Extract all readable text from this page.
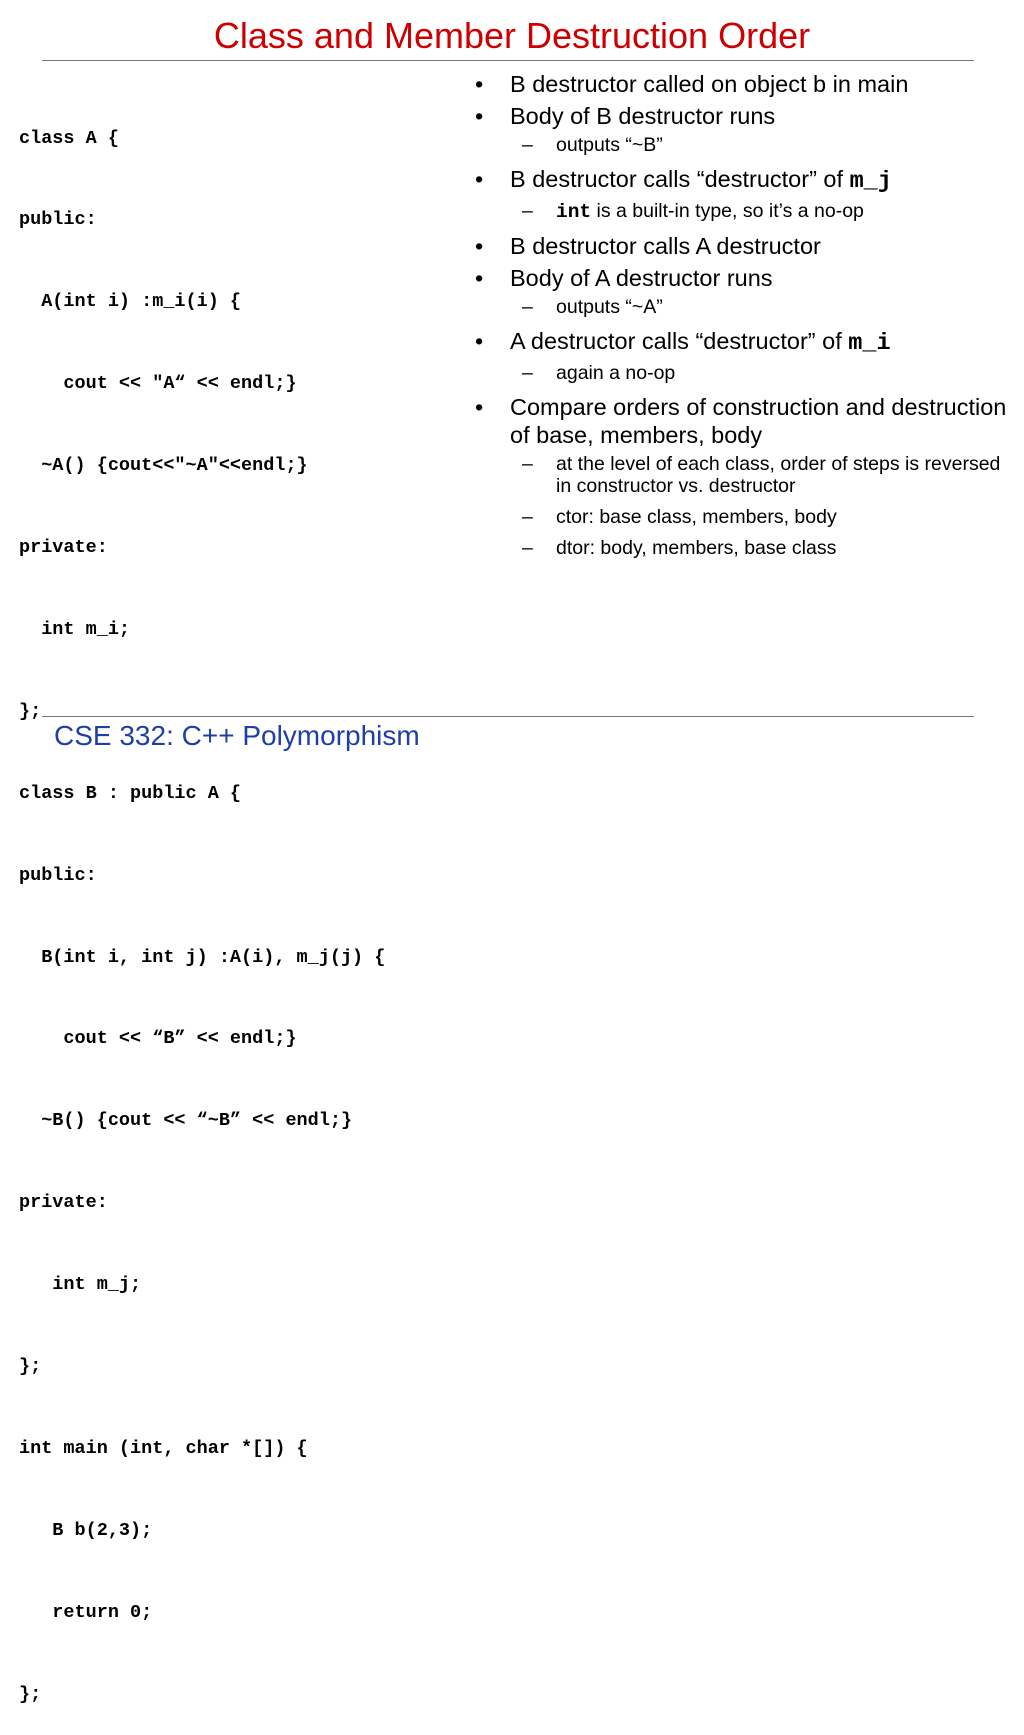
Class and Member Destruction Order

class A {

public:

A(int i) :m_i(i) {

cout << "A“ << endl;}

~A() {cout<<"~A"<<endl;}

private:

int m_i;

};

class B : public A {

public:

B(int i, int j) :A(i), m_j(j) {

cout << “B” << endl;}

~B() {cout << “~B” << endl;}

private:

int m_j;

};

int main (int, char *[]) {

B b(2,3);

return 0;

};

• B destructor called on object b in main
• Body of B destructor runs
– outputs “~B”
• B destructor calls “destructor” of m_j
– int is a built-in type, so it’s a no-op
• B destructor calls A destructor
• Body of A destructor runs
– outputs “~A”
• A destructor calls “destructor” of m_i
– again a no-op
• Compare orders of construction and destruction of base, members, body
– at the level of each class, order of steps is reversed in constructor vs. destructor
– ctor: base class, members, body
– dtor: body, members, base class
CSE 332: C++ Polymorphism
